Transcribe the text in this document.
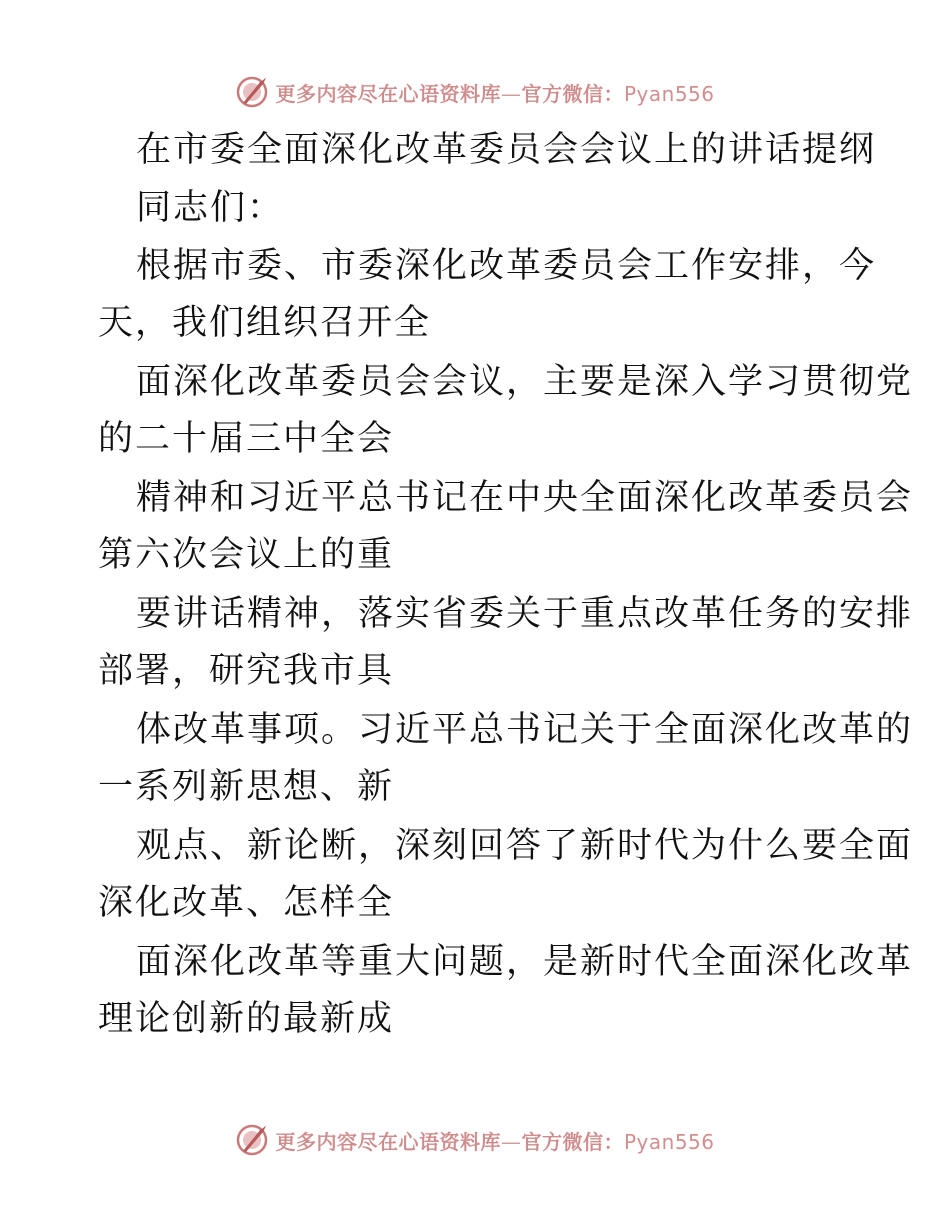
更多内容尽在心语资料库—官方微信：Pyan556
在市委全面深化改革委员会会议上的讲话提纲
同志们：
根据市委、市委深化改革委员会工作安排，今
天，我们组织召开全
面深化改革委员会会议，主要是深入学习贯彻党
的二十届三中全会
精神和习近平总书记在中央全面深化改革委员会
第六次会议上的重
要讲话精神，落实省委关于重点改革任务的安排
部署，研究我市具
体改革事项。习近平总书记关于全面深化改革的
一系列新思想、新
观点、新论断，深刻回答了新时代为什么要全面
深化改革、怎样全
面深化改革等重大问题，是新时代全面深化改革
理论创新的最新成
更多内容尽在心语资料库—官方微信：Pyan556
